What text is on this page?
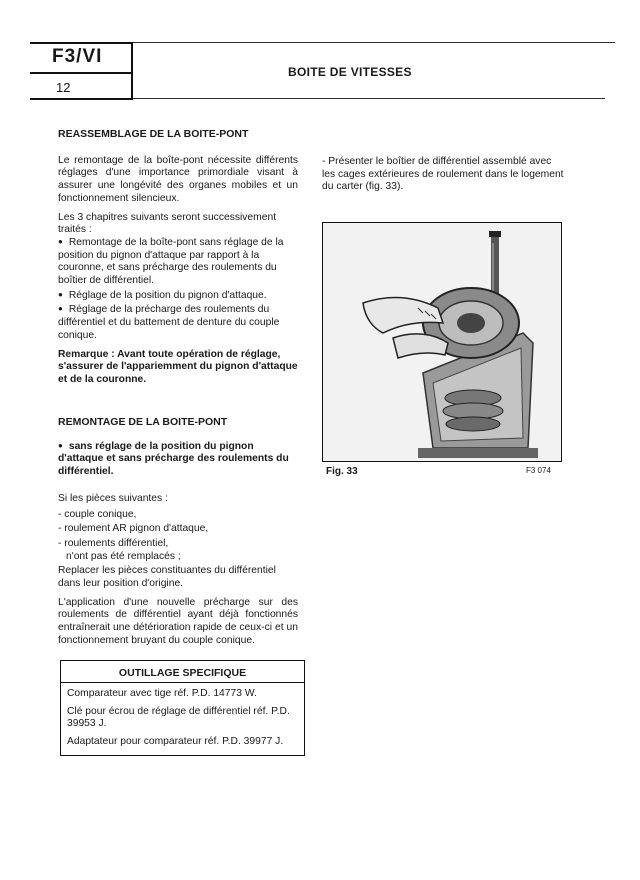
F3/VI
12
BOITE DE VITESSES

REASSEMBLAGE DE LA BOITE-PONT

Le remontage de la boîte-pont nécessite différents réglages d'une importance primordiale visant à assurer une longévité des organes mobiles et un fonctionnement silencieux.

Les 3 chapitres suivants seront successivement traités :

● Remontage de la boîte-pont sans réglage de la position du pignon d'attaque par rapport à la couronne, et sans précharge des roulements du boîtier de différentiel.

● Réglage de la position du pignon d'attaque.

● Réglage de la précharge des roulements du différentiel et du battement de denture du couple conique.

Remarque : Avant toute opération de réglage, s'assurer de l'appariemment du pignon d'attaque et de la couronne.

REMONTAGE DE LA BOITE-PONT

● sans réglage de la position du pignon d'attaque et sans précharge des roulements du différentiel.

Si les pièces suivantes :

- couple conique,

- roulement AR pignon d'attaque,

- roulements différentiel,

n'ont pas été remplacés ;

Replacer les pièces constituantes du différentiel dans leur position d'origine.

L'application d'une nouvelle précharge sur des roulements de différentiel ayant déjà fonctionnés entraînerait une détérioration rapide de ceux-ci et un fonctionnement bruyant du couple conique.

- Présenter le boîtier de différentiel assemblé avec les cages extérieures de roulement dans le logement du carter (fig. 33).

Fig. 33	F3 074
OUTILLAGE SPECIFIQUE

Comparateur avec tige réf. P.D. 14773 W.

Clé pour écrou de réglage de différentiel réf. P.D. 39953 J.

Adaptateur pour comparateur réf. P.D. 39977 J.
